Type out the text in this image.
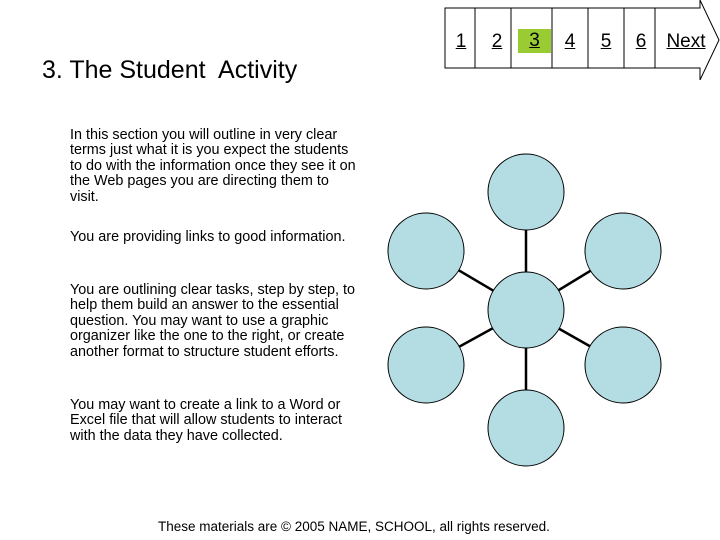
3. The Student  Activity
1 2	3	4 5 6 Next
In this section you will outline in very clear terms just what it is you expect the students to do with the information once they see it on the Web pages you are directing them to visit.
You are providing links to good information.
You are outlining clear tasks, step by step, to help them build an answer to the essential question. You may want to use a graphic organizer like the one to the right, or create another format to structure student efforts.
You may want to create a link to a Word or Excel file that will allow students to interact with the data they have collected.
These materials are © 2005 NAME, SCHOOL, all rights reserved.
